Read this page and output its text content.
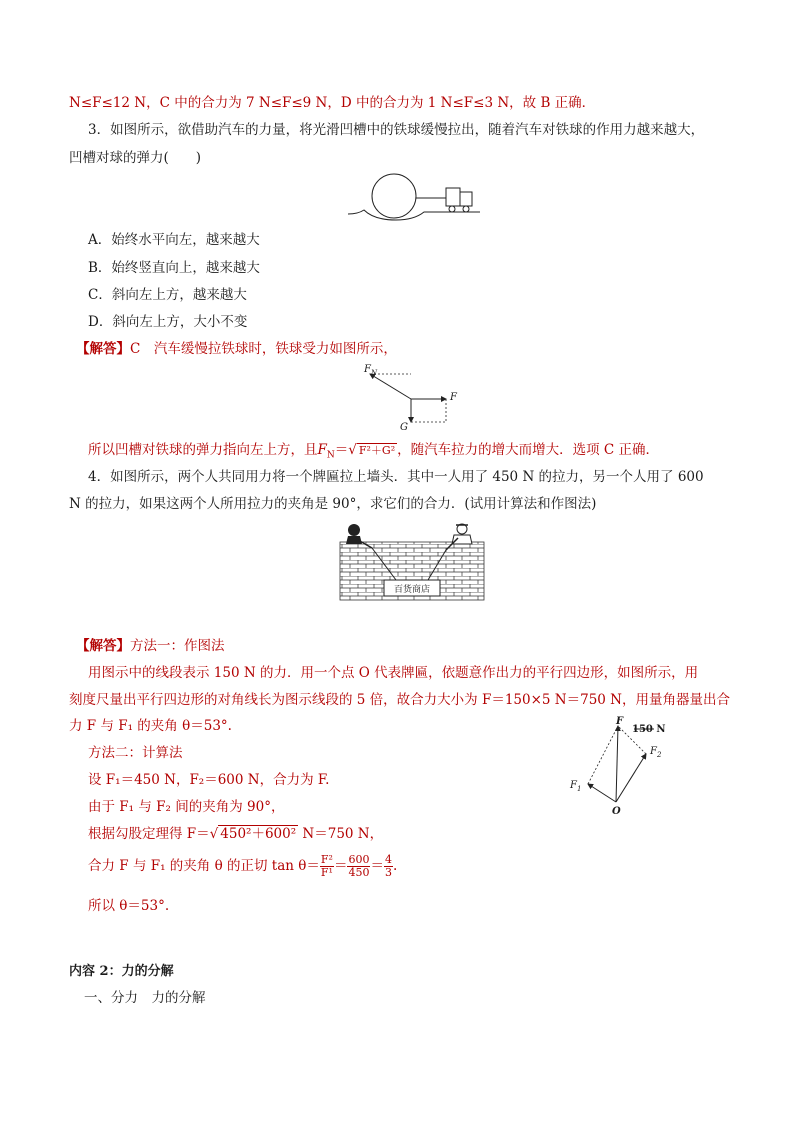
N≤F≤12 N，C 中的合力为 7 N≤F≤9 N，D 中的合力为 1 N≤F≤3 N，故 B 正确．
3．如图所示，欲借助汽车的力量，将光滑凹槽中的铁球缓慢拉出，随着汽车对铁球的作用力越来越大，
凹槽对球的弹力(　　)
A．始终水平向左，越来越大
B．始终竖直向上，越来越大
C．斜向左上方，越来越大
D．斜向左上方，大小不变
【解答】C　汽车缓慢拉铁球时，铁球受力如图所示，
$F_N$
F
G
所以凹槽对铁球的弹力指向左上方，且$F_N=√$ F²＋G² ，随汽车拉力的增大而增大．选项 C 正确．
4．如图所示，两个人共同用力将一个牌匾拉上墙头．其中一人用了 450 N 的拉力，另一个人用了 600
N 的拉力，如果这两个人所用拉力的夹角是 90°，求它们的合力．(试用计算法和作图法)
百货商店
【解答】方法一：作图法
用图示中的线段表示 150 N 的力．用一个点 O 代表牌匾，依题意作出力的平行四边形，如图所示，用
刻度尺量出平行四边形的对角线长为图示线段的 5 倍，故合力大小为 F＝150×5 N＝750 N，用量角器量出合
力 F 与 F₁ 的夹角 θ＝53°.
方法二：计算法
设 F₁＝450 N，F₂＝600 N，合力为 F.
由于 F₁ 与 F₂ 间的夹角为 90°，
根据勾股定理得 F＝√ 450²＋600² N＝750 N，
合力 F 与 F₁ 的夹角 θ 的正切 $\tan \theta= \frac{\text{F²}}{\text{F¹}} = \frac{600}{450} = \frac{4}{3}$ .
所以 θ＝53°.
F
150 N
$F_2$
$F_1$
O
内容 2：力的分解
一、分力　力的分解
